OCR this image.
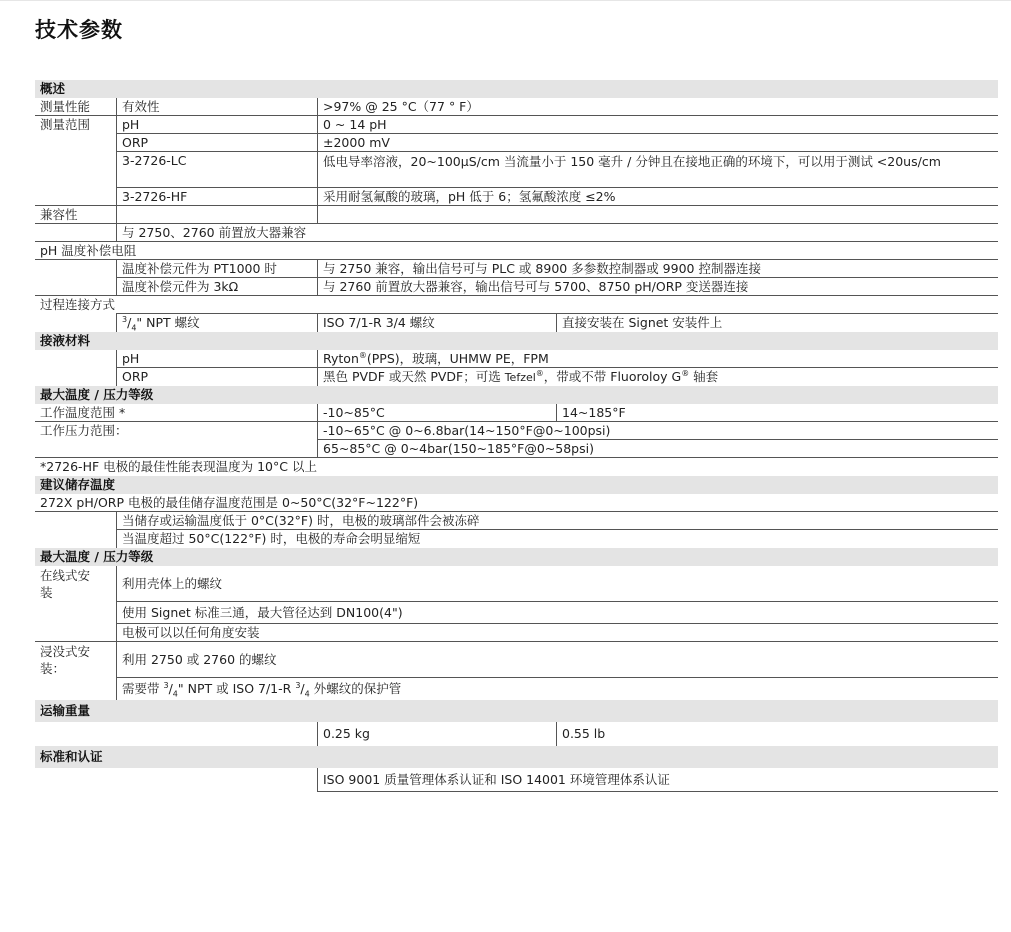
技术参数
概述
测量性能	有效性	>97% @ 25 °C（77 ° F）
测量范围	pH	0 ~ 14 pH
ORP	±2000 mV
3-2726-LC	低电导率溶液，20~100μS/cm 当流量小于 150 毫升 / 分钟且在接地正确的环境下，可以用于测试 <20us/cm
3-2726-HF	采用耐氢氟酸的玻璃，pH 低于 6；氢氟酸浓度 ≤2%
兼容性
与 2750、2760 前置放大器兼容
pH 温度补偿电阻
温度补偿元件为 PT1000 时	与 2750 兼容，输出信号可与 PLC 或 8900 多参数控制器或 9900 控制器连接
温度补偿元件为 3kΩ	与 2760 前置放大器兼容，输出信号可与 5700、8750 pH/ORP 变送器连接
过程连接方式
$^3/_4$" NPT 螺纹	ISO 7/1-R 3/4 螺纹	直接安装在 Signet 安装件上
接液材料
pH	Ryton®(PPS)，玻璃，UHMW PE，FPM
ORP	黑色 PVDF 或天然 PVDF；可选 Tefzel®，带或不带 Fluoroloy G® 轴套
最大温度 / 压力等级
工作温度范围 *	-10~85°C	14~185°F
工作压力范围：	-10~65°C @ 0~6.8bar(14~150°F@0~100psi)
65~85°C @ 0~4bar(150~185°F@0~58psi)
*2726-HF 电极的最佳性能表现温度为 10°C 以上
建议储存温度
272X pH/ORP 电极的最佳储存温度范围是 0~50°C(32°F~122°F)
当储存或运输温度低于 0°C(32°F) 时，电极的玻璃部件会被冻碎
当温度超过 50°C(122°F) 时，电极的寿命会明显缩短
最大温度 / 压力等级
在线式安装
利用壳体上的螺纹
使用 Signet 标准三通，最大管径达到 DN100(4")
电极可以以任何角度安装
浸没式安装：
利用 2750 或 2760 的螺纹
需要带 $^3/_4$" NPT 或 ISO 7/1-R $^3/_4$ 外螺纹的保护管
运输重量
0.25 kg	0.55 lb
标准和认证
ISO 9001 质量管理体系认证和 ISO 14001 环境管理体系认证
